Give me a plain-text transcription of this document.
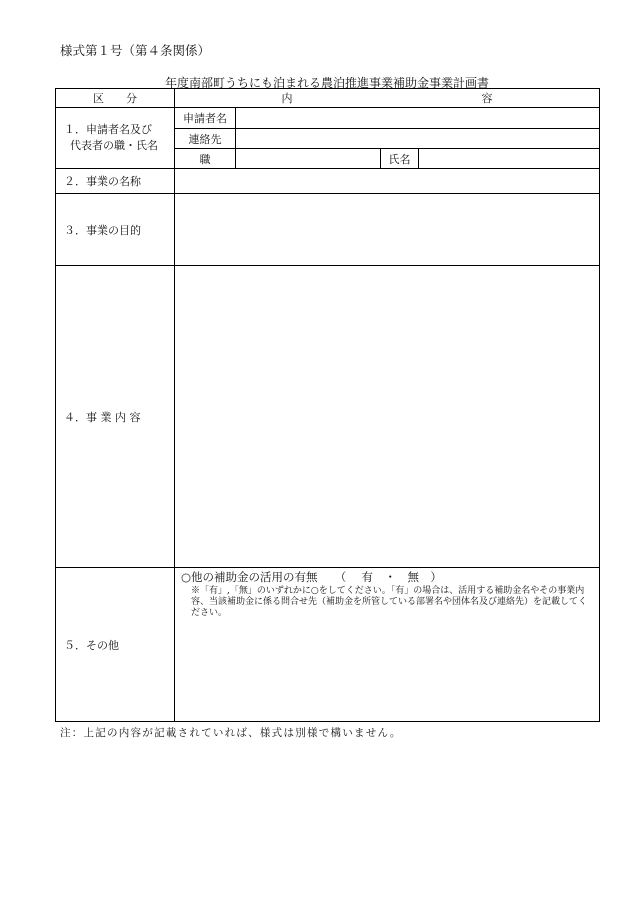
様式第１号（第４条関係）
年度南部町うちにも泊まれる農泊推進事業補助金事業計画書
区　　分	内 容			

１．申請者名及び
代表者の職・氏名	申請者名			
	連絡先			
	職		氏名	
２．事業の名称				
３．事業の目的				
４．事 業 内 容				
５．その他	○他の補助金の活用の有無　　（　 有　・　無　）
※「有」,「無」のいずれかに○をしてください。「有」の場合は、活用する補助金名やその事業内容、当該補助金に係る問合せ先（補助金を所管している部署名や団体名及び連絡先）を記載してください。			
注：上記の内容が記載されていれば、様式は別様で構いません。
